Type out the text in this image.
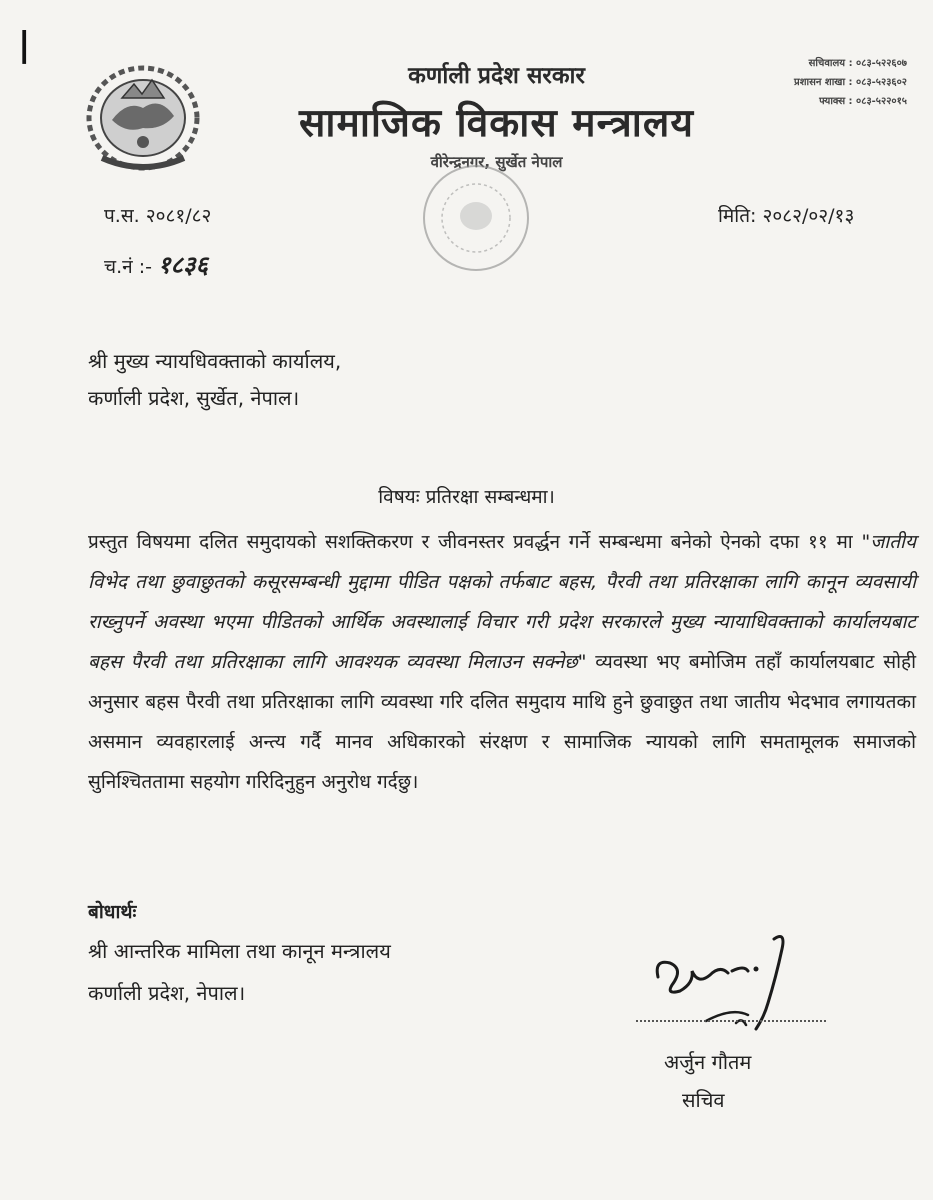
|
कर्णाली प्रदेश सरकार
सामाजिक विकास मन्त्रालय
वीरेन्द्रनगर, सुर्खेत नेपाल
सचिवालय : ०८३-५२२६०७
प्रशासन शाखा : ०८३-५२३६०२
फ्याक्स : ०८३-५२२०१५
प.स. २०८१/८२
च.नं :- १८३६
मिति: २०८२/०२/१३
श्री मुख्य न्यायधिवक्ताको कार्यालय,
कर्णाली प्रदेश, सुर्खेत, नेपाल।
विषयः प्रतिरक्षा सम्बन्धमा।
प्रस्तुत विषयमा दलित समुदायको सशक्तिकरण र जीवनस्तर प्रवर्द्धन गर्ने सम्बन्धमा बनेको ऐनको दफा ११ मा "जातीय विभेद तथा छुवाछुतको कसूरसम्बन्धी मुद्दामा पीडित पक्षको तर्फबाट बहस, पैरवी तथा प्रतिरक्षाका लागि कानून व्यवसायी राख्नुपर्ने अवस्था भएमा पीडितको आर्थिक अवस्थालाई विचार गरी प्रदेश सरकारले मुख्य न्यायाधिवक्ताको कार्यालयबाट बहस पैरवी तथा प्रतिरक्षाका लागि आवश्यक व्यवस्था मिलाउन सक्नेछ" व्यवस्था भए बमोजिम तहाँ कार्यालयबाट सोही अनुसार बहस पैरवी तथा प्रतिरक्षाका लागि व्यवस्था गरि दलित समुदाय माथि हुने छुवाछुत तथा जातीय भेदभाव लगायतका असमान व्यवहारलाई अन्त्य गर्दै मानव अधिकारको संरक्षण र सामाजिक न्यायको लागि समतामूलक समाजको सुनिश्चिततामा सहयोग गरिदिनुहुन अनुरोध गर्दछु।
बोधार्थः
श्री आन्तरिक मामिला तथा कानून मन्त्रालय
कर्णाली प्रदेश, नेपाल।
अर्जुन गौतम
सचिव
